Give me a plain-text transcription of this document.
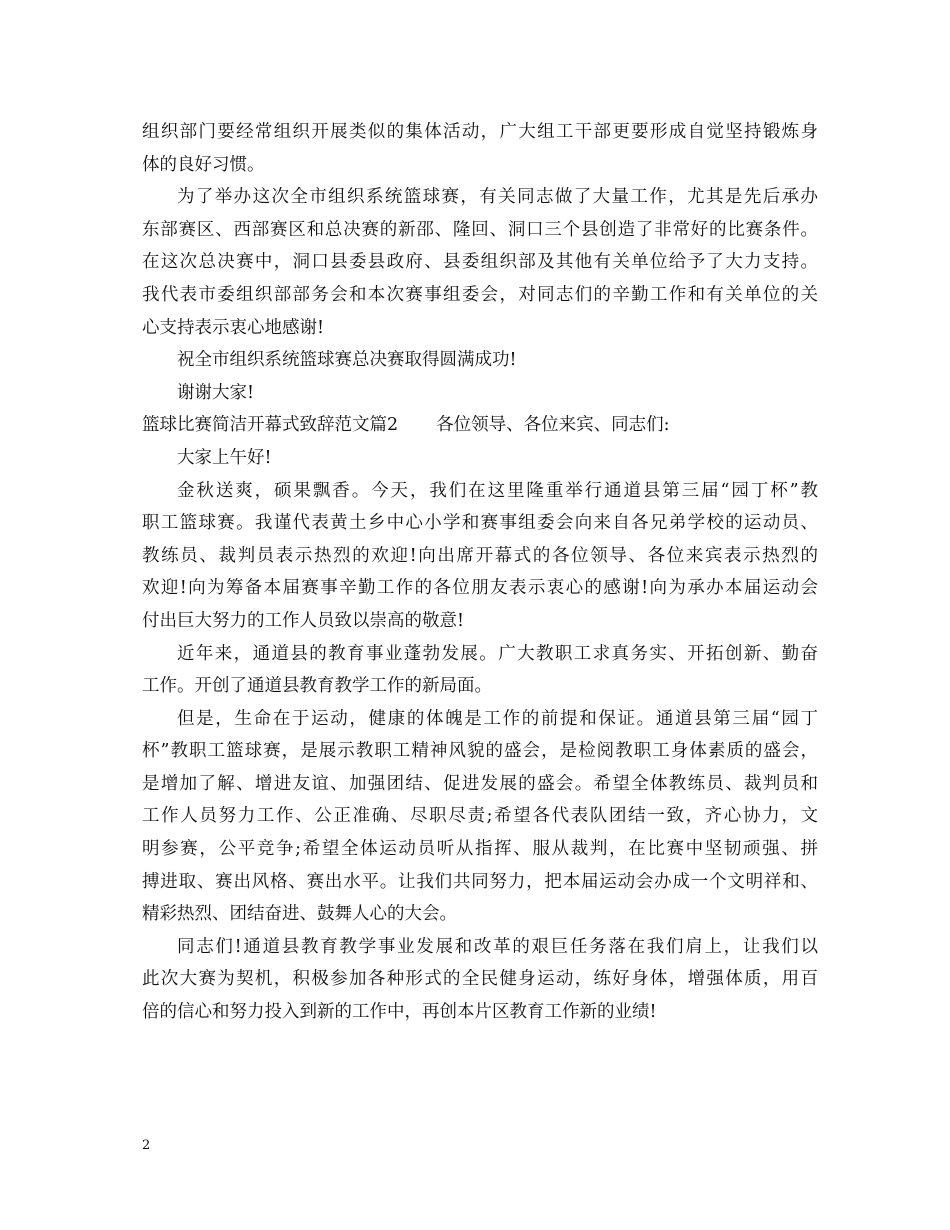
组织部门要经常组织开展类似的集体活动，广大组工干部更要形成自觉坚持锻炼身
体的良好习惯。
为了举办这次全市组织系统篮球赛，有关同志做了大量工作，尤其是先后承办
东部赛区、西部赛区和总决赛的新邵、隆回、洞口三个县创造了非常好的比赛条件。
在这次总决赛中，洞口县委县政府、县委组织部及其他有关单位给予了大力支持。
我代表市委组织部部务会和本次赛事组委会，对同志们的辛勤工作和有关单位的关
心支持表示衷心地感谢!
祝全市组织系统篮球赛总决赛取得圆满成功!
谢谢大家!
篮球比赛简洁开幕式致辞范文篇2 各位领导、各位来宾、同志们:
大家上午好!
金秋送爽，硕果飘香。今天，我们在这里隆重举行通道县第三届“园丁杯”教
职工篮球赛。我谨代表黄土乡中心小学和赛事组委会向来自各兄弟学校的运动员、
教练员、裁判员表示热烈的欢迎!向出席开幕式的各位领导、各位来宾表示热烈的
欢迎!向为筹备本届赛事辛勤工作的各位朋友表示衷心的感谢!向为承办本届运动会
付出巨大努力的工作人员致以崇高的敬意!
近年来，通道县的教育事业蓬勃发展。广大教职工求真务实、开拓创新、勤奋
工作。开创了通道县教育教学工作的新局面。
但是，生命在于运动，健康的体魄是工作的前提和保证。通道县第三届“园丁
杯”教职工篮球赛，是展示教职工精神风貌的盛会，是检阅教职工身体素质的盛会，
是增加了解、增进友谊、加强团结、促进发展的盛会。希望全体教练员、裁判员和
工作人员努力工作、公正准确、尽职尽责;希望各代表队团结一致，齐心协力，文
明参赛，公平竞争;希望全体运动员听从指挥、服从裁判，在比赛中坚韧顽强、拼
搏进取、赛出风格、赛出水平。让我们共同努力，把本届运动会办成一个文明祥和、
精彩热烈、团结奋进、鼓舞人心的大会。
同志们!通道县教育教学事业发展和改革的艰巨任务落在我们肩上，让我们以
此次大赛为契机，积极参加各种形式的全民健身运动，练好身体，增强体质，用百
倍的信心和努力投入到新的工作中，再创本片区教育工作新的业绩!
2
